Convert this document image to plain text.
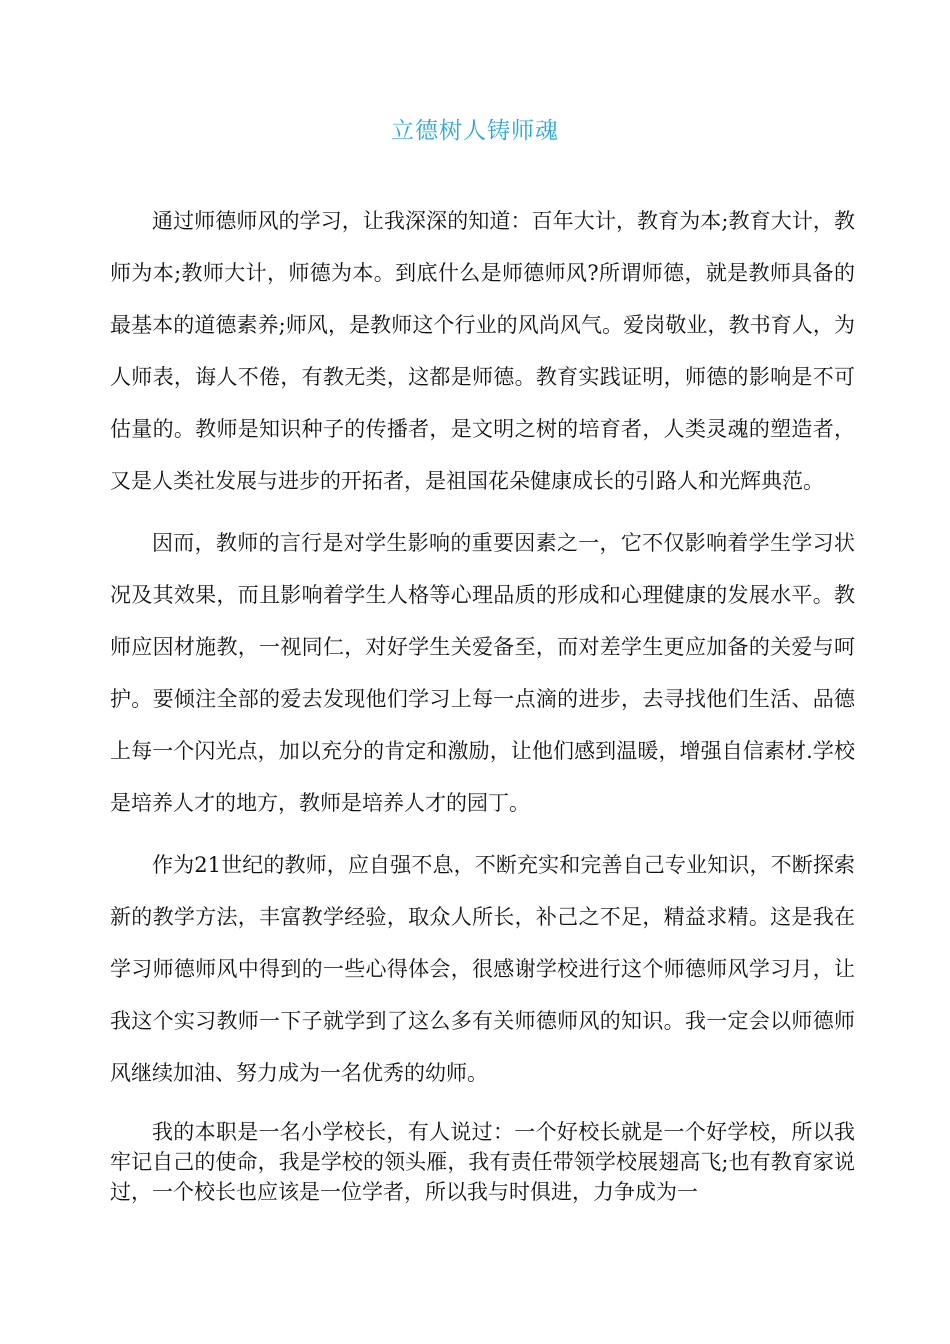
立德树人铸师魂

通过师德师风的学习，让我深深的知道：百年大计，教育为本;教育大计，教师为本;教师大计，师德为本。到底什么是师德师风?所谓师德，就是教师具备的最基本的道德素养;师风，是教师这个行业的风尚风气。爱岗敬业，教书育人，为人师表，诲人不倦，有教无类，这都是师德。教育实践证明，师德的影响是不可估量的。教师是知识种子的传播者，是文明之树的培育者，人类灵魂的塑造者，又是人类社发展与进步的开拓者，是祖国花朵健康成长的引路人和光辉典范。

因而，教师的言行是对学生影响的重要因素之一，它不仅影响着学生学习状况及其效果，而且影响着学生人格等心理品质的形成和心理健康的发展水平。教师应因材施教，一视同仁，对好学生关爱备至，而对差学生更应加备的关爱与呵护。要倾注全部的爱去发现他们学习上每一点滴的进步，去寻找他们生活、品德上每一个闪光点，加以充分的肯定和激励，让他们感到温暖，增强自信素材.学校是培养人才的地方，教师是培养人才的园丁。

作为21世纪的教师，应自强不息，不断充实和完善自己专业知识，不断探索新的教学方法，丰富教学经验，取众人所长，补己之不足，精益求精。这是我在学习师德师风中得到的一些心得体会，很感谢学校进行这个师德师风学习月，让我这个实习教师一下子就学到了这么多有关师德师风的知识。我一定会以师德师风继续加油、努力成为一名优秀的幼师。

我的本职是一名小学校长，有人说过：一个好校长就是一个好学校，所以我牢记自己的使命，我是学校的领头雁，我有责任带领学校展翅高飞;也有教育家说过，一个校长也应该是一位学者，所以我与时俱进，力争成为一
